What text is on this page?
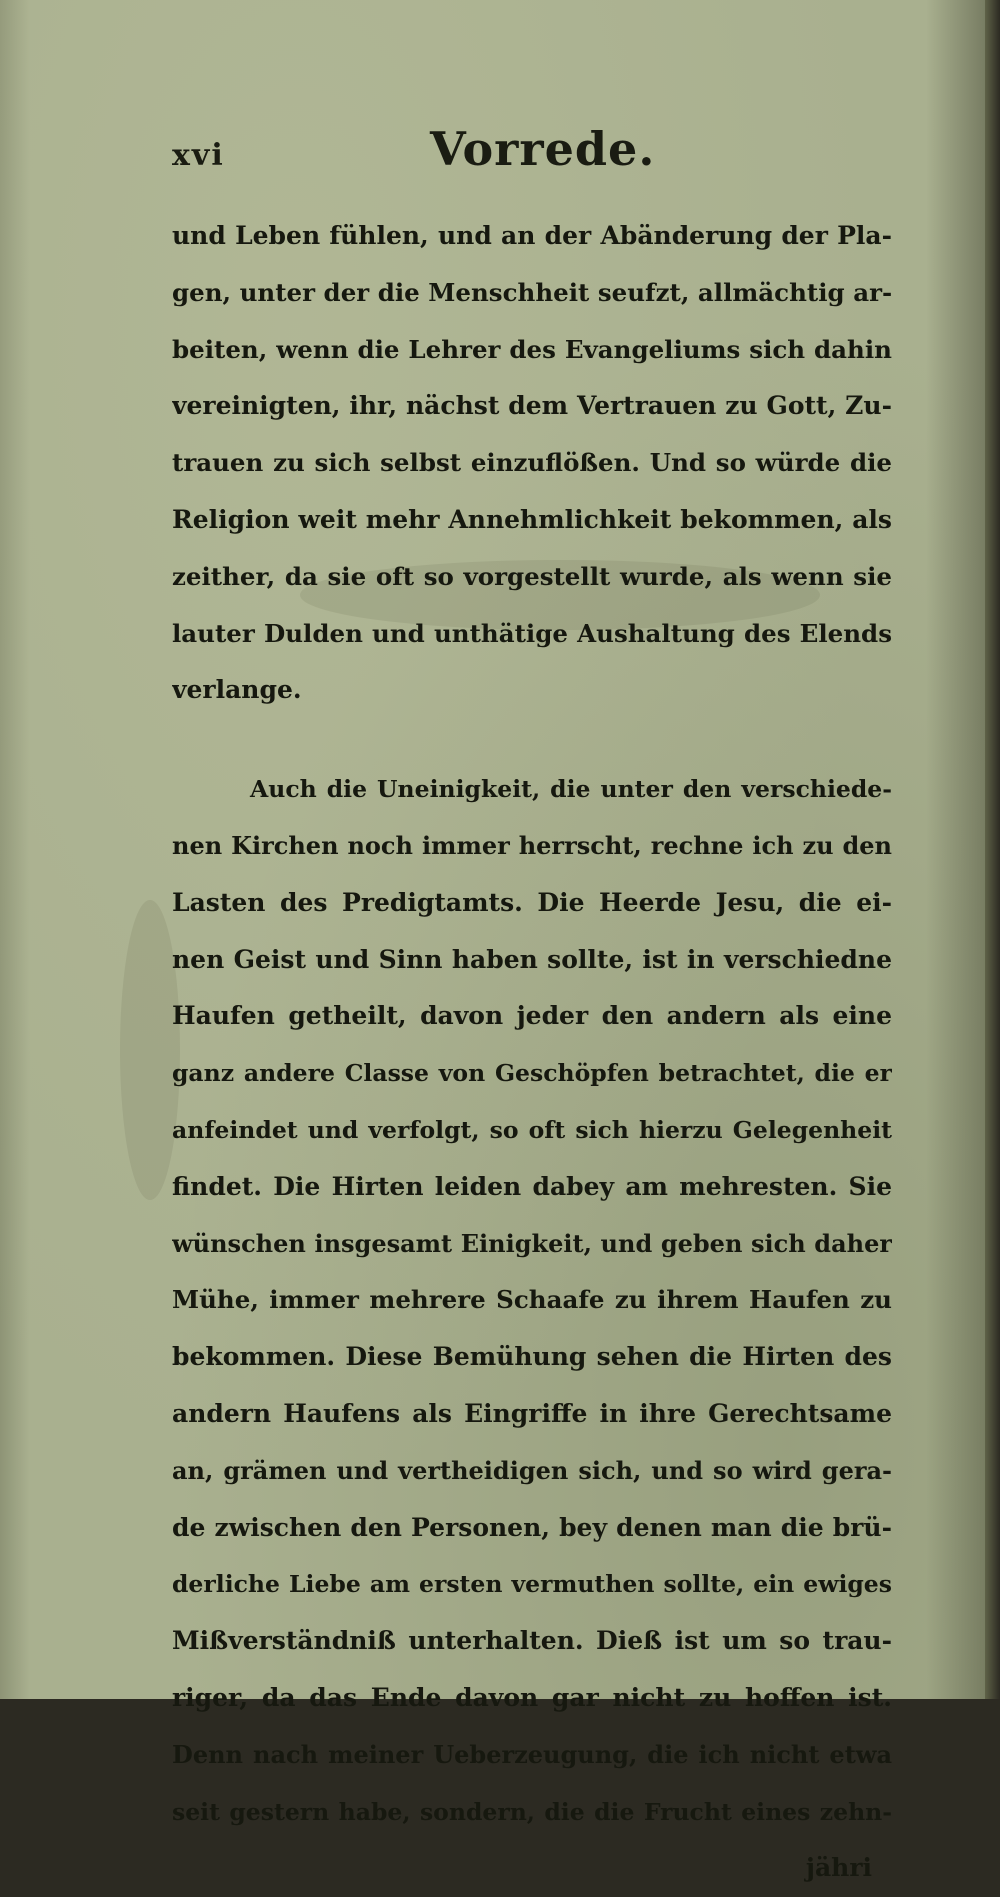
xvi	Vorrede.
und Leben fühlen, und an der Abänderung der Pla-
gen, unter der die Menschheit seufzt, allmächtig ar-
beiten, wenn die Lehrer des Evangeliums sich dahin
vereinigten, ihr, nächst dem Vertrauen zu Gott, Zu-
trauen zu sich selbst einzuflößen. Und so würde die
Religion weit mehr Annehmlichkeit bekommen, als
zeither, da sie oft so vorgestellt wurde, als wenn sie
lauter Dulden und unthätige Aushaltung des Elends
verlange.
Auch die Uneinigkeit, die unter den verschiede-
nen Kirchen noch immer herrscht, rechne ich zu den
Lasten des Predigtamts. Die Heerde Jesu, die ei-
nen Geist und Sinn haben sollte, ist in verschiedne
Haufen getheilt, davon jeder den andern als eine
ganz andere Classe von Geschöpfen betrachtet, die er
anfeindet und verfolgt, so oft sich hierzu Gelegenheit
findet. Die Hirten leiden dabey am mehresten. Sie
wünschen insgesamt Einigkeit, und geben sich daher
Mühe, immer mehrere Schaafe zu ihrem Haufen zu
bekommen. Diese Bemühung sehen die Hirten des
andern Haufens als Eingriffe in ihre Gerechtsame
an, grämen und vertheidigen sich, und so wird gera-
de zwischen den Personen, bey denen man die brü-
derliche Liebe am ersten vermuthen sollte, ein ewiges
Mißverständniß unterhalten. Dieß ist um so trau-
riger, da das Ende davon gar nicht zu hoffen ist.
Denn nach meiner Ueberzeugung, die ich nicht etwa
seit gestern habe, sondern, die die Frucht eines zehn-
jähri
